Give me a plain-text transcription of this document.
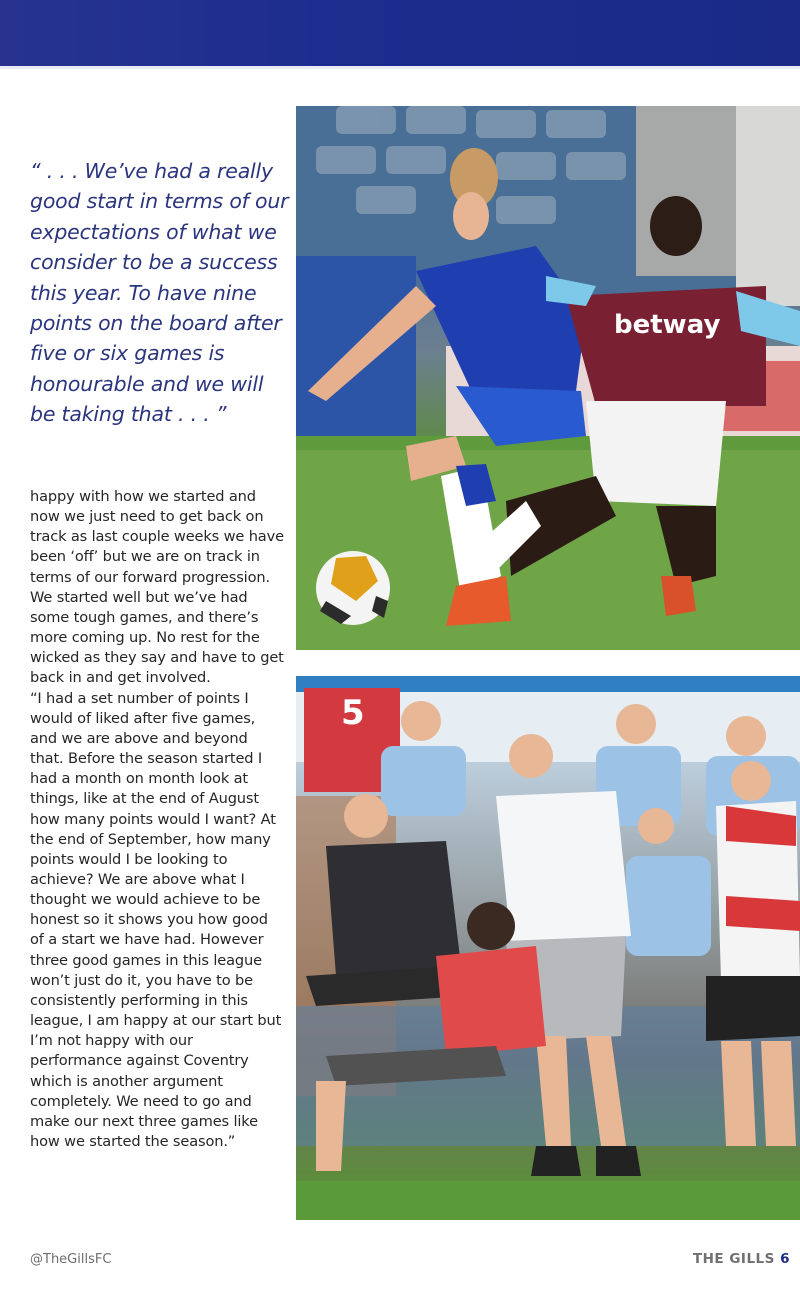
“ . . . We’ve had a really good start in terms of our expectations of what we consider to be a success this year. To have nine points on the board after five or six games is honourable and we will be taking that . . . ”

happy with how we started and now we just need to get back on track as last couple weeks we have been ‘off’ but we are on track in terms of our forward progression. We started well but we’ve had some tough games, and there’s more coming up. No rest for the wicked as they say and have to get back in and get involved.

“I had a set number of points I would of liked after five games, and we are above and beyond that. Before the season started I had a month on month look at things, like at the end of August how many points would I want? At the end of September, how many points would I be looking to achieve? We are above what I thought we would achieve to be honest so it shows you how good of a start we have had. However three good games in this league won’t just do it, you have to be consistently performing in this league, I am happy at our start but I’m not happy with our performance against Coventry which is another argument completely. We need to go and make our next three games like how we started the season.”

betway
5
@TheGillsFC	THE GILLS 6
